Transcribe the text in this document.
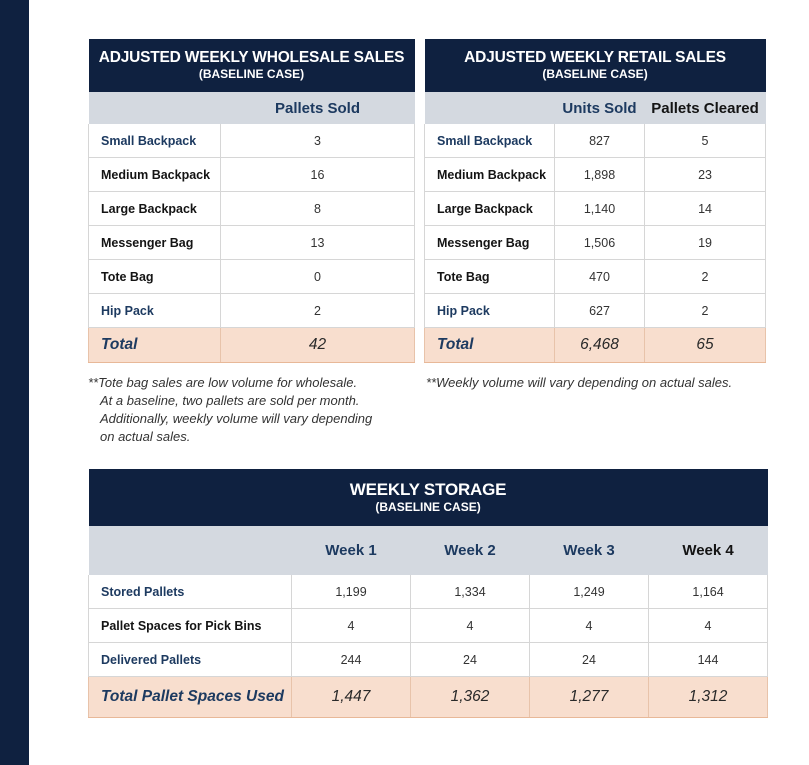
ADJUSTED WEEKLY WHOLESALE SALES
(BASELINE CASE)	

	Pallets Sold
Small Backpack	3
Medium Backpack	16
Large Backpack	8
Messenger Bag	13
Tote Bag	0
Hip Pack	2
Total	42
**Tote bag sales are low volume for wholesale.
At a baseline, two pallets are sold per month.
Additionally, weekly volume will vary depending
on actual sales.
ADJUSTED WEEKLY RETAIL SALES
(BASELINE CASE)		

	Units Sold	Pallets Cleared
Small Backpack	827	5
Medium Backpack	1,898	23
Large Backpack	1,140	14
Messenger Bag	1,506	19
Tote Bag	470	2
Hip Pack	627	2
Total	6,468	65
**Weekly volume will vary depending on actual sales.
WEEKLY STORAGE
(BASELINE CASE)				

	Week 1	Week 2	Week 3	Week 4
Stored Pallets	1,199	1,334	1,249	1,164
Pallet Spaces for Pick Bins	4	4	4	4
Delivered Pallets	244	24	24	144
Total Pallet Spaces Used	1,447	1,362	1,277	1,312
